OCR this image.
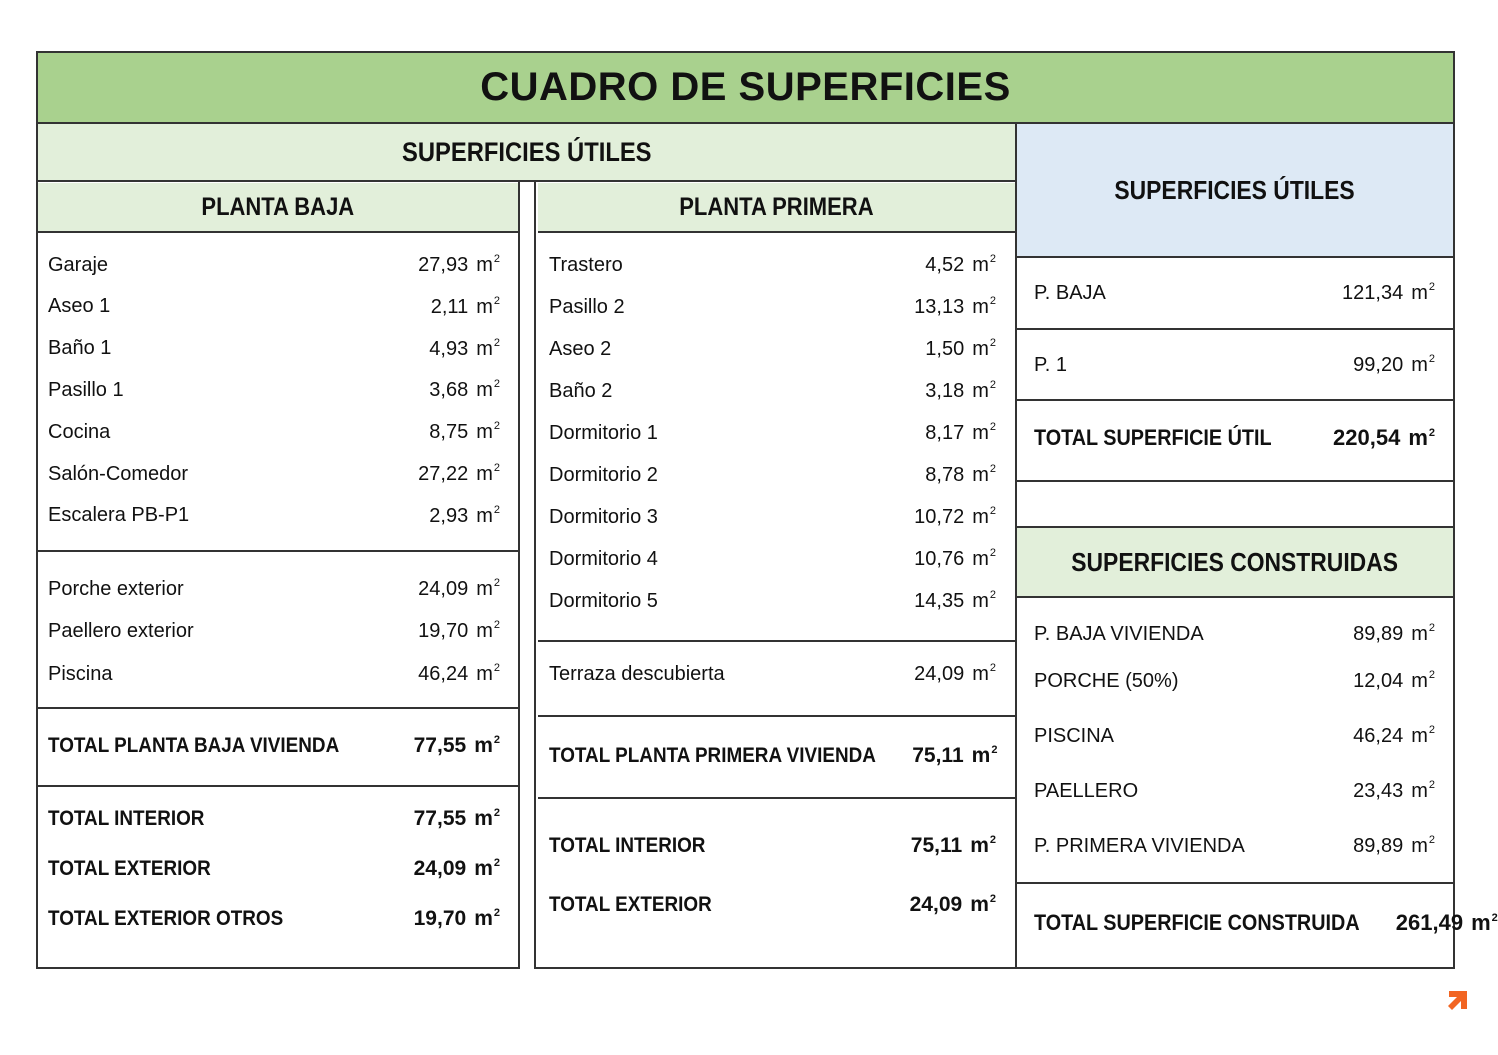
CUADRO DE SUPERFICIES
SUPERFICIES ÚTILES
PLANTA BAJA
Garaje	27,93 $m^2$
Aseo 1	2,11 $m^2$
Baño 1	4,93 $m^2$
Pasillo 1	3,68 $m^2$
Cocina	8,75 $m^2$
Salón-Comedor	27,22 $m^2$
Escalera PB-P1	2,93 $m^2$
Porche exterior	24,09 $m^2$
Paellero exterior	19,70 $m^2$
Piscina	46,24 $m^2$
TOTAL PLANTA BAJA VIVIENDA	77,55 $m^2$
TOTAL INTERIOR	77,55 $m^2$
TOTAL EXTERIOR	24,09 $m^2$
TOTAL EXTERIOR OTROS	19,70 $m^2$
PLANTA PRIMERA
Trastero	4,52 $m^2$
Pasillo 2	13,13 $m^2$
Aseo 2	1,50 $m^2$
Baño 2	3,18 $m^2$
Dormitorio 1	8,17 $m^2$
Dormitorio 2	8,78 $m^2$
Dormitorio 3	10,72 $m^2$
Dormitorio 4	10,76 $m^2$
Dormitorio 5	14,35 $m^2$
Terraza descubierta	24,09 $m^2$
TOTAL PLANTA PRIMERA VIVIENDA 75,11 $m^2$
TOTAL INTERIOR	75,11 $m^2$
TOTAL EXTERIOR	24,09 $m^2$
SUPERFICIES ÚTILES
P. BAJA	121,34 $m^2$
P. 1	99,20 $m^2$
TOTAL SUPERFICIE ÚTIL	220,54 $m^2$
SUPERFICIES CONSTRUIDAS
P. BAJA VIVIENDA	89,89 $m^2$
PORCHE (50%)	12,04 $m^2$
PISCINA	46,24 $m^2$
PAELLERO	23,43 $m^2$
P. PRIMERA VIVIENDA	89,89 $m^2$
TOTAL SUPERFICIE CONSTRUIDA 261,49 $m^2$
